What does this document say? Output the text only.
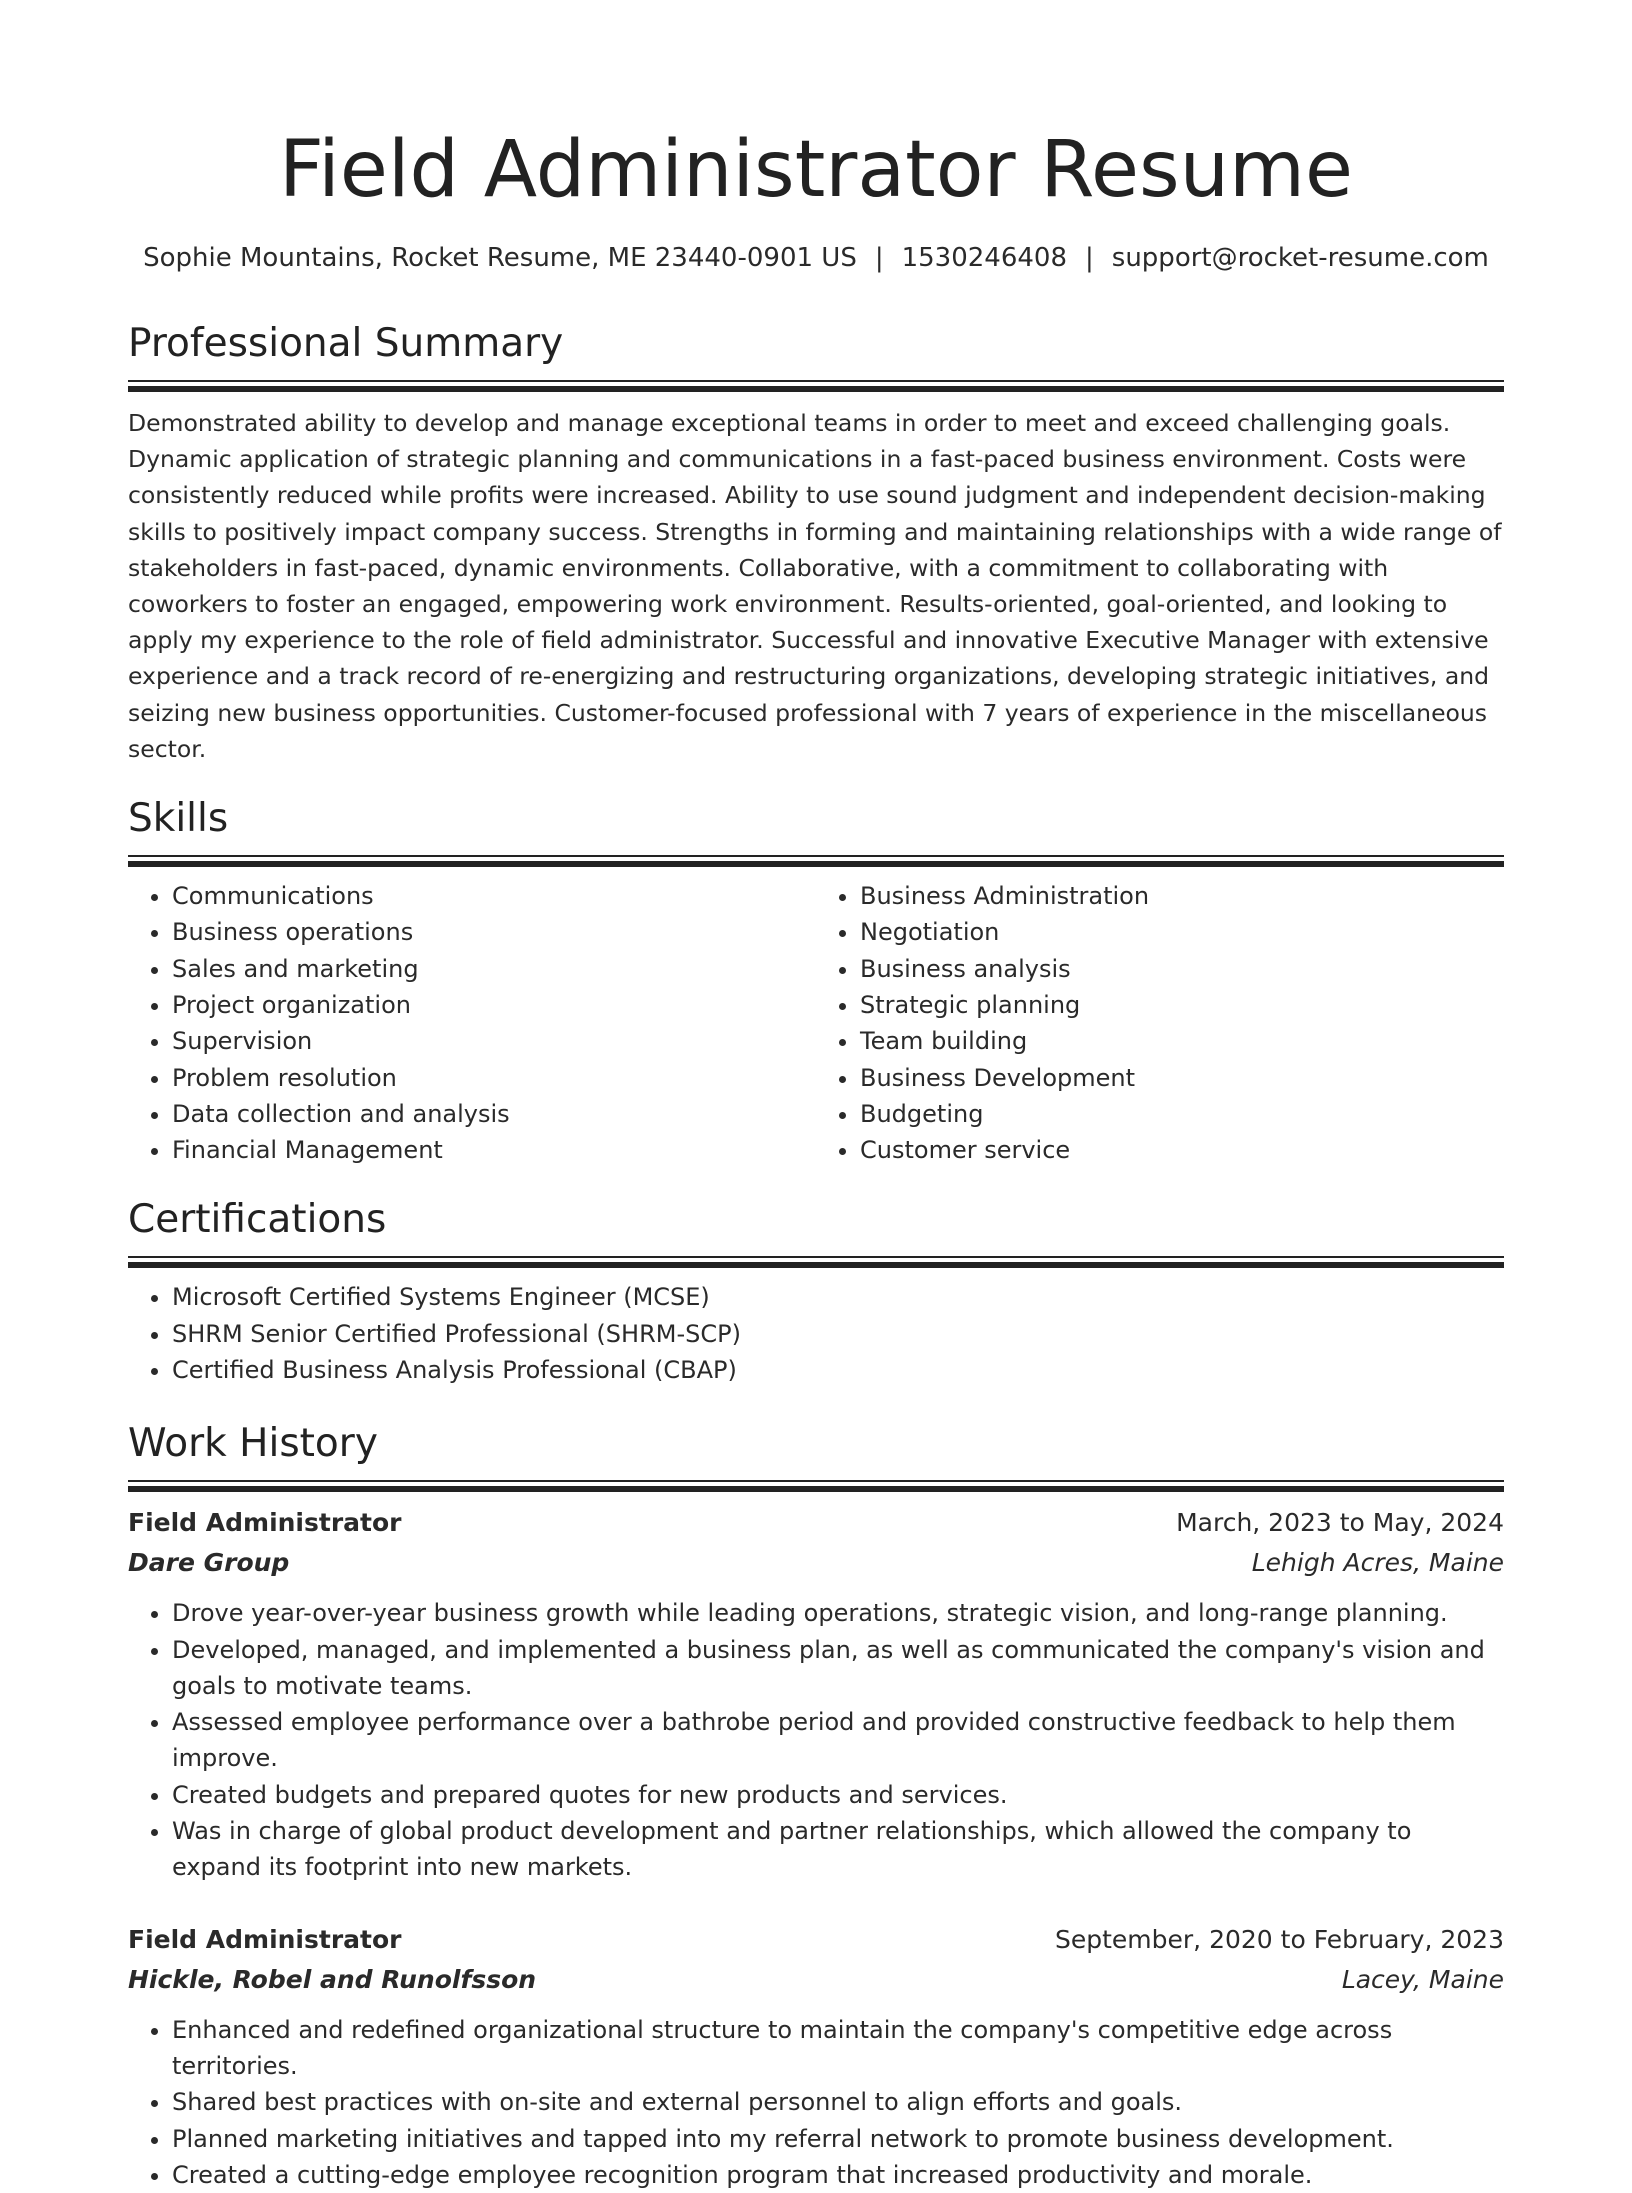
Field Administrator Resume
Sophie Mountains, Rocket Resume, ME 23440-0901 US | 1530246408 | support@rocket-resume.com
Professional Summary

Demonstrated ability to develop and manage exceptional teams in order to meet and exceed challenging goals. Dynamic application of strategic planning and communications in a fast-paced business environment. Costs were consistently reduced while profits were increased. Ability to use sound judgment and independent decision-making skills to positively impact company success. Strengths in forming and maintaining relationships with a wide range of stakeholders in fast-paced, dynamic environments. Collaborative, with a commitment to collaborating with coworkers to foster an engaged, empowering work environment. Results-oriented, goal-oriented, and looking to apply my experience to the role of field administrator. Successful and innovative Executive Manager with extensive experience and a track record of re-energizing and restructuring organizations, developing strategic initiatives, and seizing new business opportunities. Customer-focused professional with 7 years of experience in the miscellaneous sector.

Skills
• Communications
• Business operations
• Sales and marketing
• Project organization
• Supervision
• Problem resolution
• Data collection and analysis
• Financial Management
• Business Administration
• Negotiation
• Business analysis
• Strategic planning
• Team building
• Business Development
• Budgeting
• Customer service
Certifications
• Microsoft Certified Systems Engineer (MCSE)
• SHRM Senior Certified Professional (SHRM-SCP)
• Certified Business Analysis Professional (CBAP)
Work History
Field Administrator	March, 2023 to May, 2024
Dare Group	Lehigh Acres, Maine
• Drove year-over-year business growth while leading operations, strategic vision, and long-range planning.
• Developed, managed, and implemented a business plan, as well as communicated the company's vision and goals to motivate teams.
• Assessed employee performance over a bathrobe period and provided constructive feedback to help them improve.
• Created budgets and prepared quotes for new products and services.
• Was in charge of global product development and partner relationships, which allowed the company to expand its footprint into new markets.
Field Administrator	September, 2020 to February, 2023
Hickle, Robel and Runolfsson	Lacey, Maine
• Enhanced and redefined organizational structure to maintain the company's competitive edge across territories.
• Shared best practices with on-site and external personnel to align efforts and goals.
• Planned marketing initiatives and tapped into my referral network to promote business development.
• Created a cutting-edge employee recognition program that increased productivity and morale.
